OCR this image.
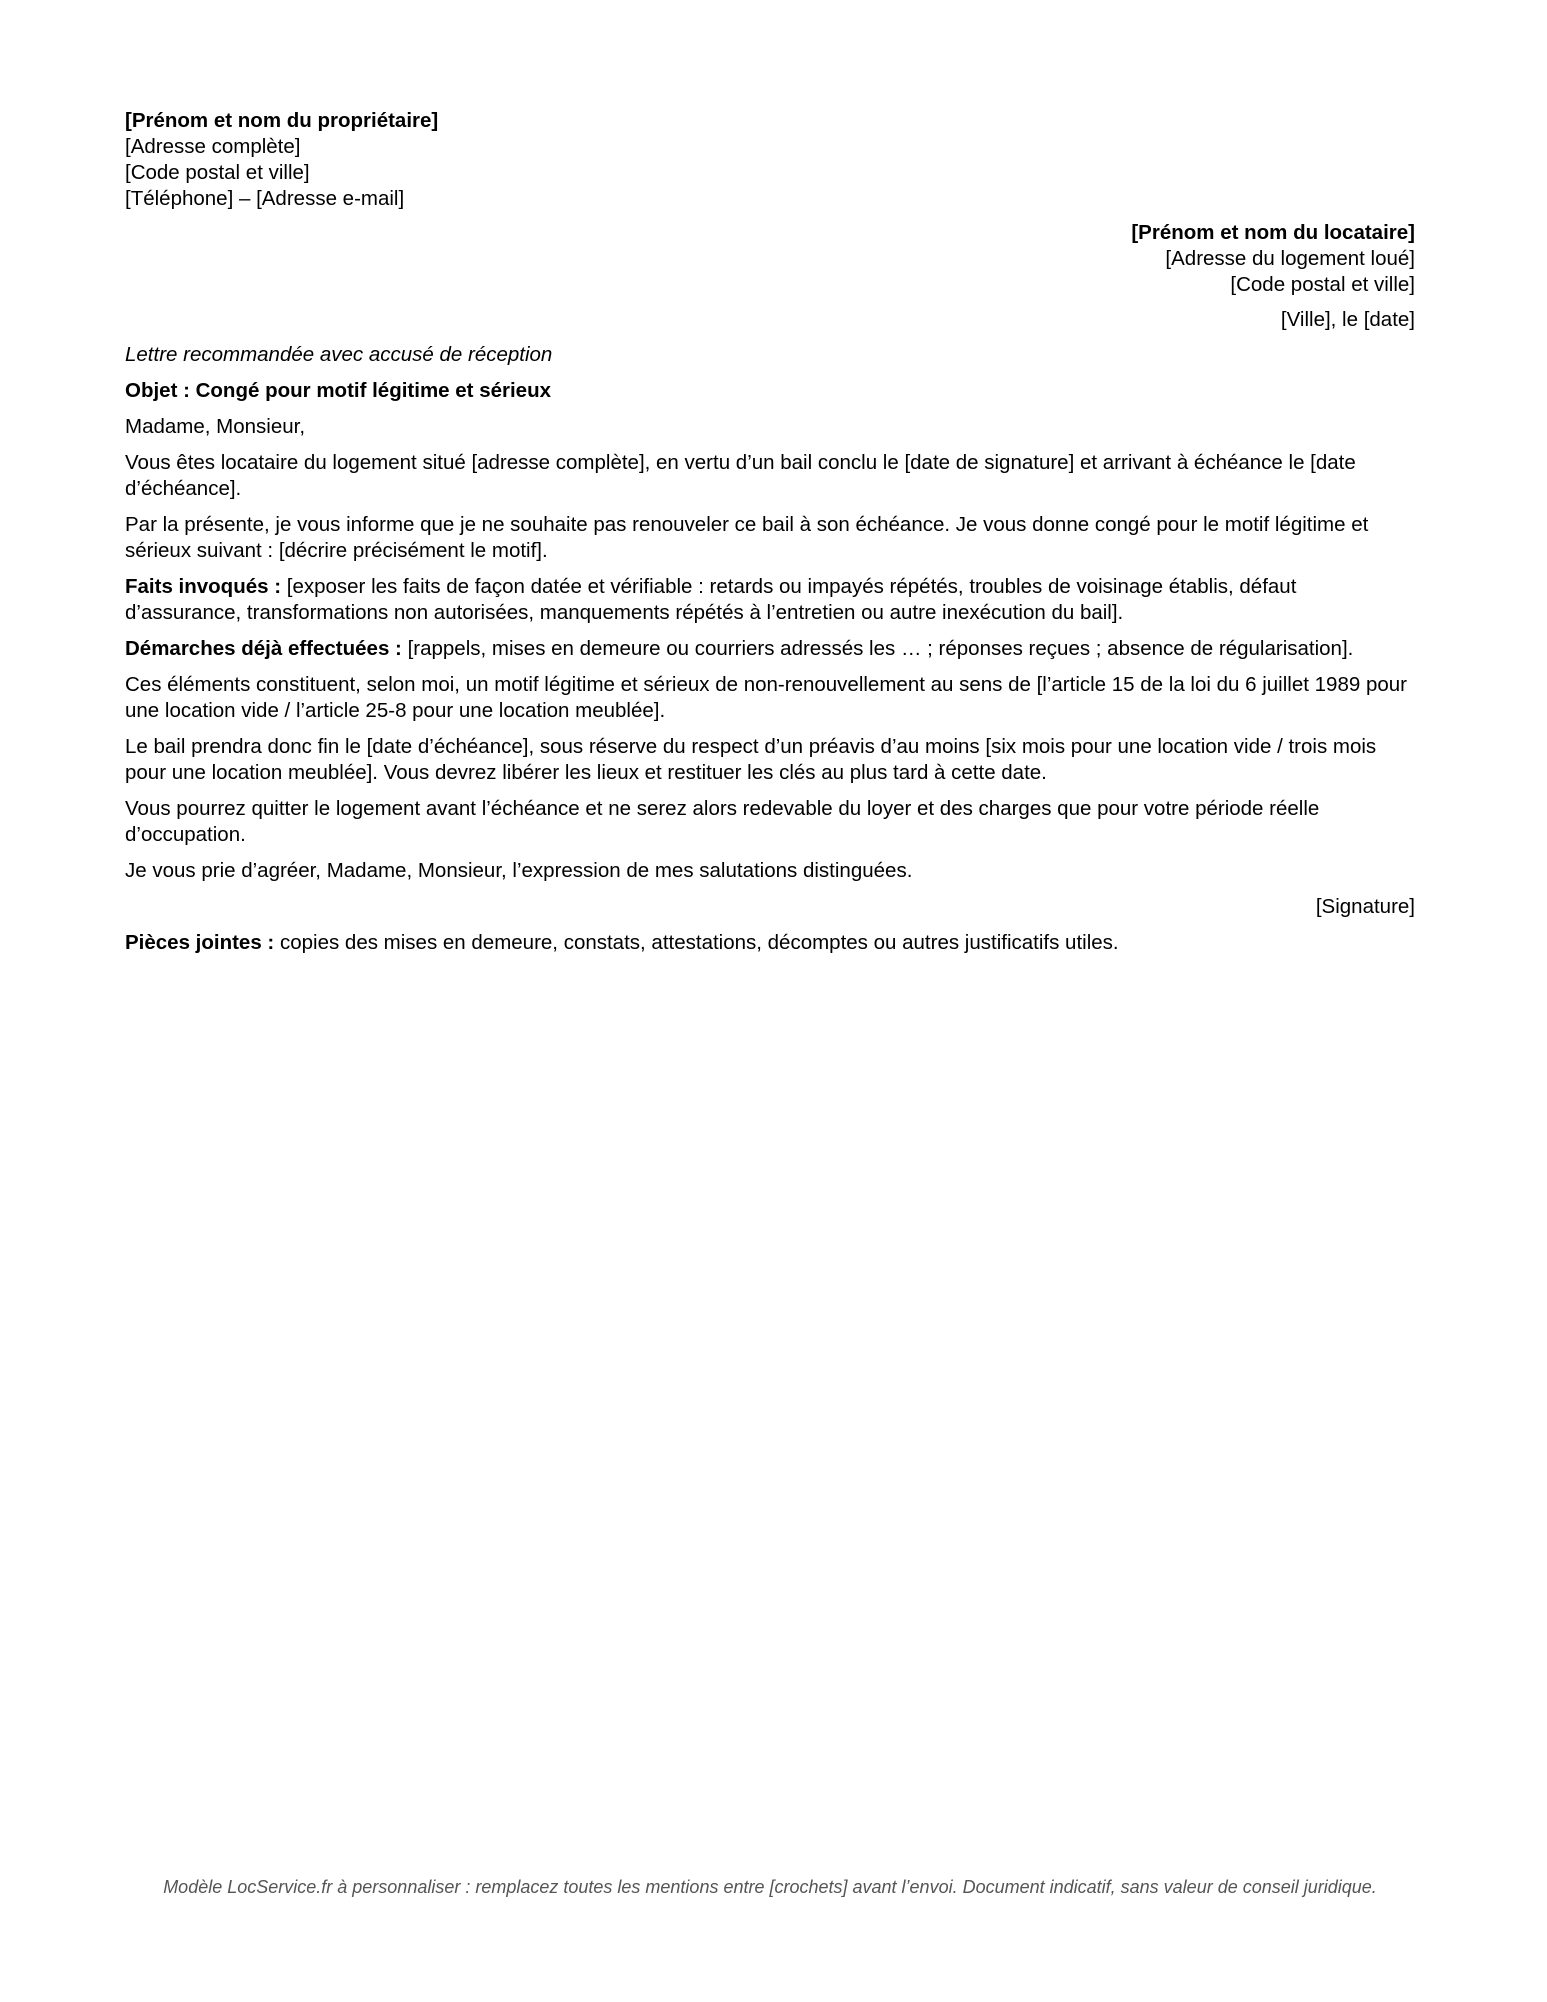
[Prénom et nom du propriétaire]
[Adresse complète]
[Code postal et ville]
[Téléphone] – [Adresse e-mail]
[Prénom et nom du locataire]
[Adresse du logement loué]
[Code postal et ville]
[Ville], le [date]

Lettre recommandée avec accusé de réception

Objet : Congé pour motif légitime et sérieux

Madame, Monsieur,

Vous êtes locataire du logement situé [adresse complète], en vertu d’un bail conclu le [date de signature] et arrivant à échéance le [date d’échéance].

Par la présente, je vous informe que je ne souhaite pas renouveler ce bail à son échéance. Je vous donne congé pour le motif légitime et sérieux suivant : [décrire précisément le motif].

Faits invoqués : [exposer les faits de façon datée et vérifiable : retards ou impayés répétés, troubles de voisinage établis, défaut d’assurance, transformations non autorisées, manquements répétés à l’entretien ou autre inexécution du bail].

Démarches déjà effectuées : [rappels, mises en demeure ou courriers adressés les … ; réponses reçues ; absence de régularisation].

Ces éléments constituent, selon moi, un motif légitime et sérieux de non-renouvellement au sens de [l’article 15 de la loi du 6 juillet 1989 pour une location vide / l’article 25-8 pour une location meublée].

Le bail prendra donc fin le [date d’échéance], sous réserve du respect d’un préavis d’au moins [six mois pour une location vide / trois mois pour une location meublée]. Vous devrez libérer les lieux et restituer les clés au plus tard à cette date.

Vous pourrez quitter le logement avant l’échéance et ne serez alors redevable du loyer et des charges que pour votre période réelle d’occupation.

Je vous prie d’agréer, Madame, Monsieur, l’expression de mes salutations distinguées.

[Signature]

Pièces jointes : copies des mises en demeure, constats, attestations, décomptes ou autres justificatifs utiles.

Modèle LocService.fr à personnaliser : remplacez toutes les mentions entre [crochets] avant l’envoi. Document indicatif, sans valeur de conseil juridique.
